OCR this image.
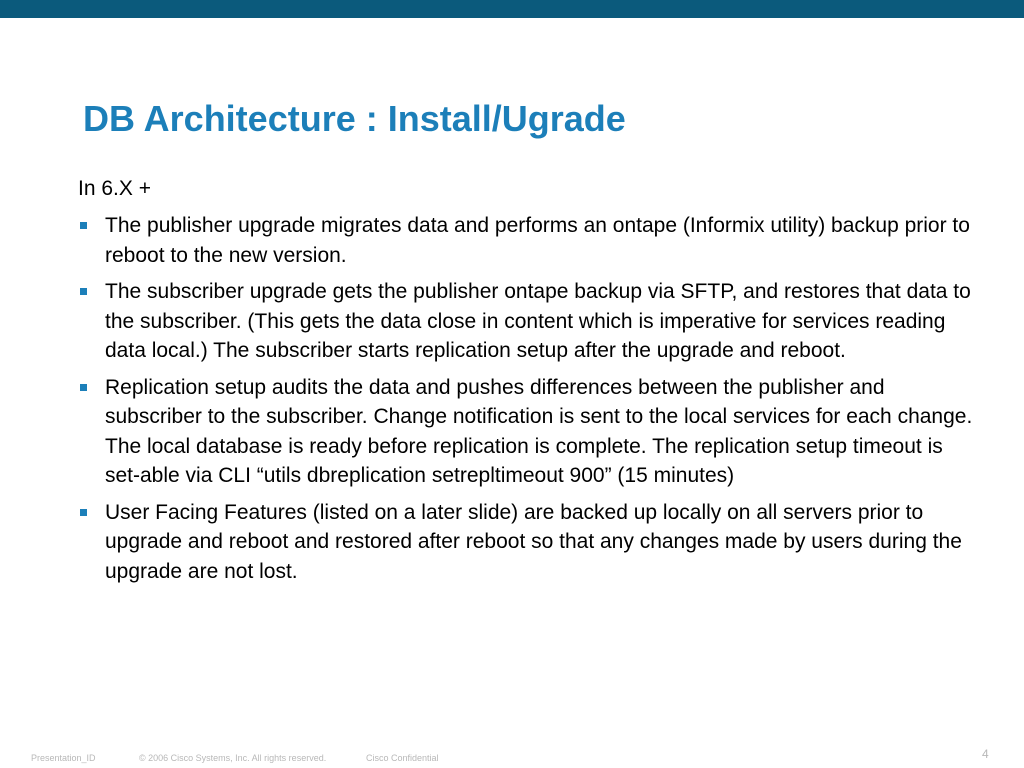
DB Architecture : Install/Ugrade
In 6.X +
The publisher upgrade migrates data and performs an ontape (Informix utility) backup prior to reboot to the new version.
The subscriber upgrade gets the publisher ontape backup via SFTP, and restores that data to the subscriber. (This gets the data close in content which is imperative for services reading data local.) The subscriber starts replication setup after the upgrade and reboot.
Replication setup audits the data and pushes differences between the publisher and subscriber to the subscriber. Change notification is sent to the local services for each change. The local database is ready before replication is complete. The replication setup timeout is set-able via CLI “utils dbreplication setrepltimeout 900” (15 minutes)
User Facing Features (listed on a later slide) are backed up locally on all servers prior to upgrade and reboot and restored after reboot so that any changes made by users during the upgrade are not lost.
Presentation_ID	© 2006 Cisco Systems, Inc. All rights reserved.	Cisco Confidential	4
